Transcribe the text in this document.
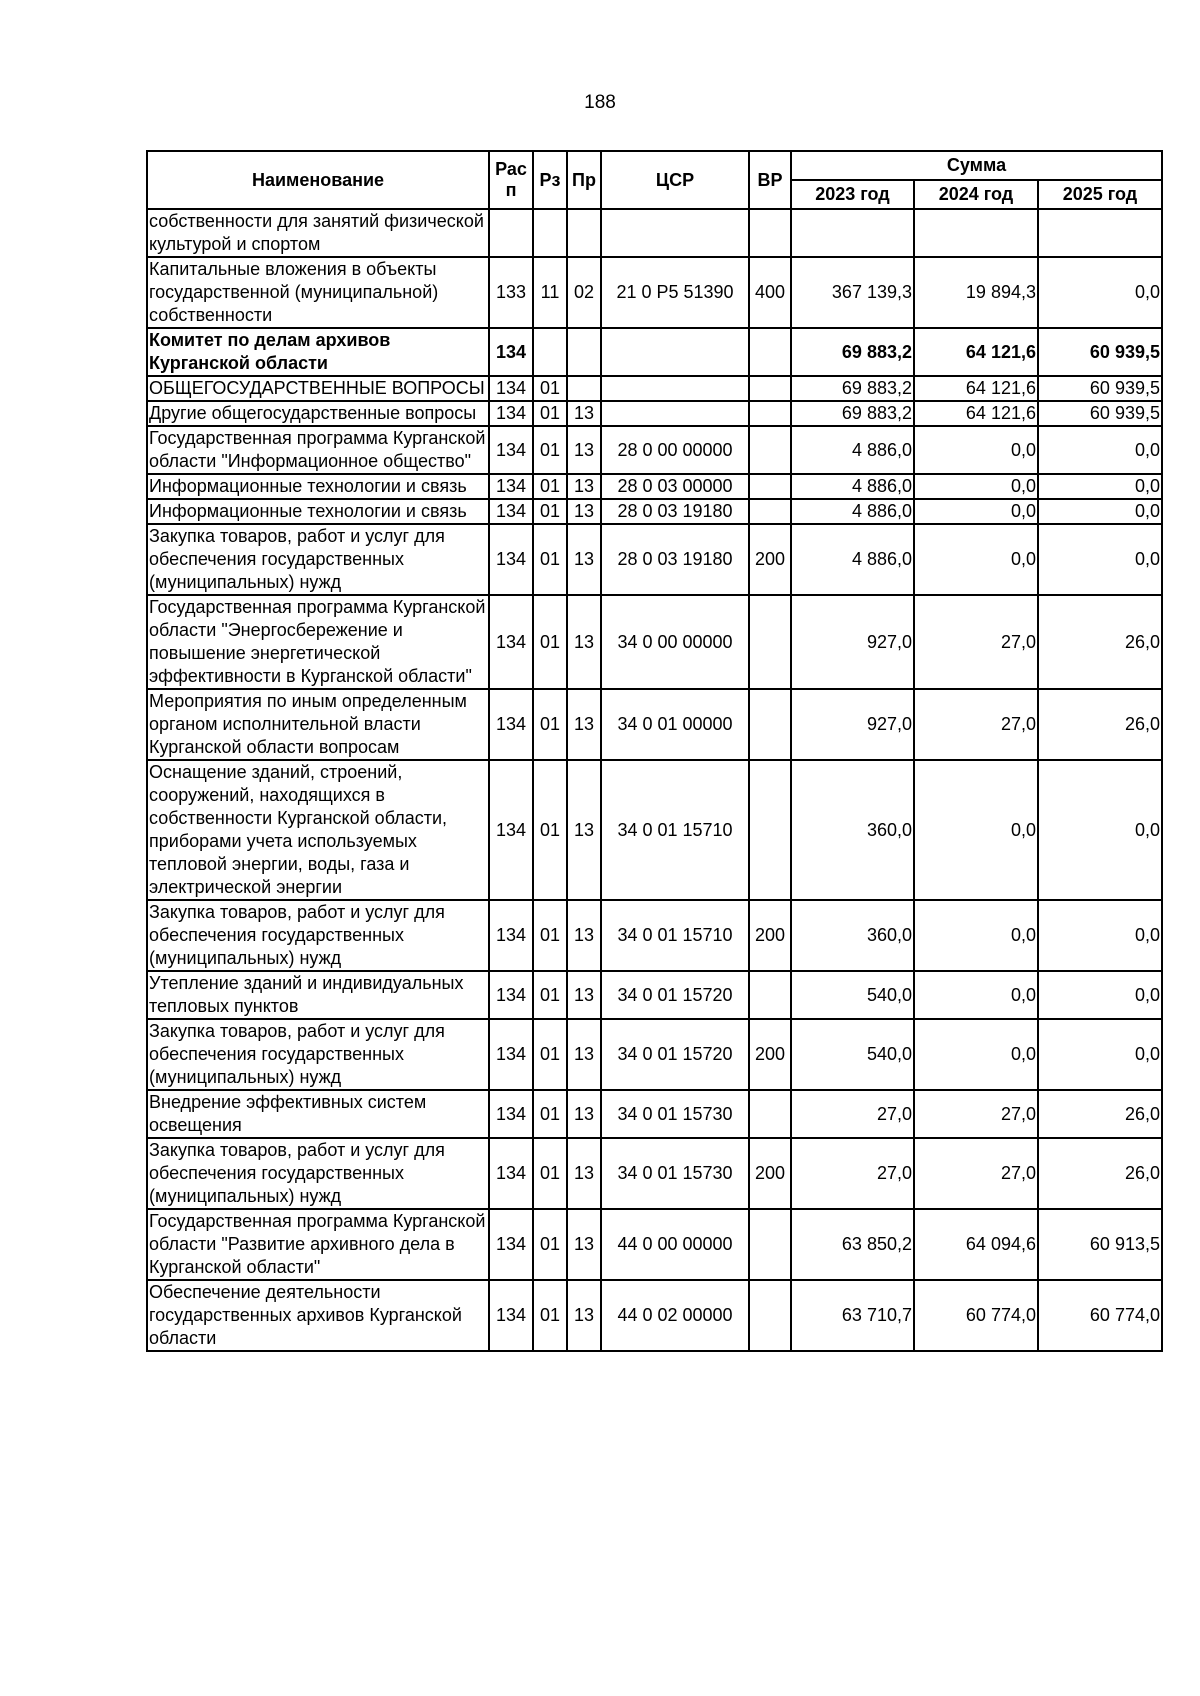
188
Наименование	Рас п	Рз	Пр	ЦСР	ВР	Сумма		
						2023 год	2024 год	2025 год
собственности для занятий физической культурой и спортом								
Капитальные вложения в объекты государственной (муниципальной) собственности	133	11	02	21 0 Р5 51390	400	367 139,3	19 894,3	0,0
Комитет по делам архивов Курганской области	134					69 883,2	64 121,6	60 939,5
ОБЩЕГОСУДАРСТВЕННЫЕ ВОПРОСЫ	134	01				69 883,2	64 121,6	60 939,5
Другие общегосударственные вопросы	134	01	13			69 883,2	64 121,6	60 939,5
Государственная программа Курганской области "Информационное общество"	134	01	13	28 0 00 00000		4 886,0	0,0	0,0
Информационные технологии и связь	134	01	13	28 0 03 00000		4 886,0	0,0	0,0
Информационные технологии и связь	134	01	13	28 0 03 19180		4 886,0	0,0	0,0
Закупка товаров, работ и услуг для обеспечения государственных (муниципальных) нужд	134	01	13	28 0 03 19180	200	4 886,0	0,0	0,0
Государственная программа Курганской области "Энергосбережение и повышение энергетической эффективности в Курганской области"	134	01	13	34 0 00 00000		927,0	27,0	26,0
Мероприятия по иным определенным органом исполнительной власти Курганской области вопросам	134	01	13	34 0 01 00000		927,0	27,0	26,0
Оснащение зданий, строений, сооружений, находящихся в собственности Курганской области, приборами учета используемых тепловой энергии, воды, газа и электрической энергии	134	01	13	34 0 01 15710		360,0	0,0	0,0
Закупка товаров, работ и услуг для обеспечения государственных (муниципальных) нужд	134	01	13	34 0 01 15710	200	360,0	0,0	0,0
Утепление зданий и индивидуальных тепловых пунктов	134	01	13	34 0 01 15720		540,0	0,0	0,0
Закупка товаров, работ и услуг для обеспечения государственных (муниципальных) нужд	134	01	13	34 0 01 15720	200	540,0	0,0	0,0
Внедрение эффективных систем освещения	134	01	13	34 0 01 15730		27,0	27,0	26,0
Закупка товаров, работ и услуг для обеспечения государственных (муниципальных) нужд	134	01	13	34 0 01 15730	200	27,0	27,0	26,0
Государственная программа Курганской области "Развитие архивного дела в Курганской области"	134	01	13	44 0 00 00000		63 850,2	64 094,6	60 913,5
Обеспечение деятельности государственных архивов Курганской области	134	01	13	44 0 02 00000		63 710,7	60 774,0	60 774,0
